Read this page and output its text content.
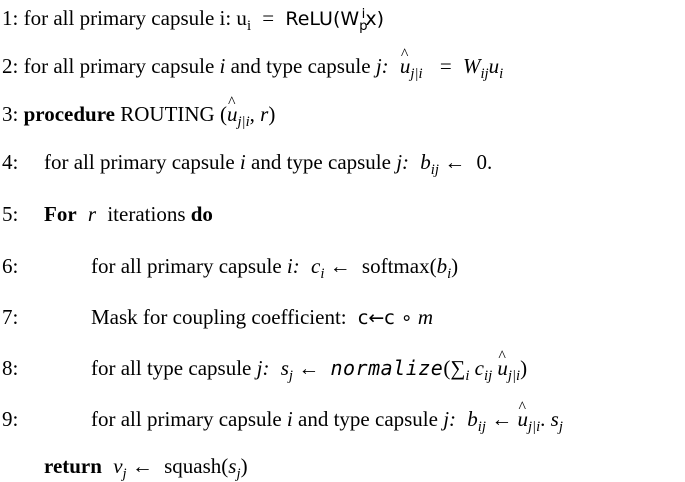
1: for all primary capsule i: $u_i$ = $ReLU(W_p^ix)$
2: for all primary capsule i and type capsule j: ^ $u_{j|i} = W_{ij}u_i$
3: procedure ROUTING (^ $u_{j|i}$, r)
4: for all primary capsule i and type capsule j: $b_{ij}$ ← 0.
5: For r iterations do
6:	for all primary capsule i: $c_i$ ← $softmax(b_i)$
7:	Mask for coupling coefficient: c←c ∘ m
8:	for all type capsule j: $s_j$ ← $normalize(\sum_i$ $c_{ij}$ ^ $u_{j|i}$)
9:	for all primary capsule i and type capsule j: $b_{ij}$ ← ^ $u_{j|i}$. $s_j$
return $v_j$ ← $squash(s_j)$
